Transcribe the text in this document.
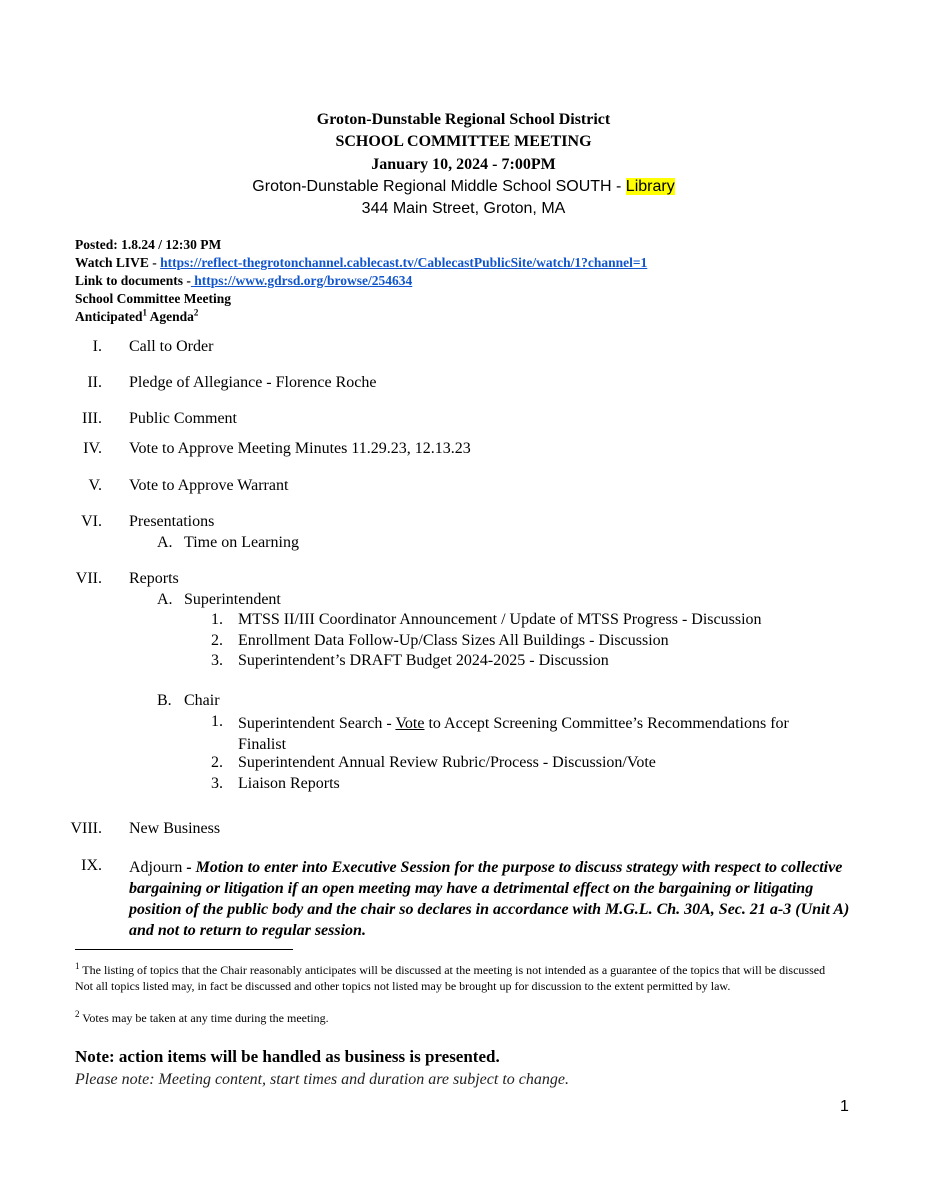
Groton-Dunstable Regional School District
SCHOOL COMMITTEE MEETING
January 10, 2024 - 7:00PM
Groton-Dunstable Regional Middle School SOUTH - Library
344 Main Street, Groton, MA
Posted: 1.8.24 / 12:30 PM
Watch LIVE - https://reflect-thegrotonchannel.cablecast.tv/CablecastPublicSite/watch/1?channel=1
Link to documents - https://www.gdrsd.org/browse/254634
School Committee Meeting
Anticipated$^1$ Agenda$^2$
I. Call to Order
II. Pledge of Allegiance - Florence Roche
III. Public Comment
IV. Vote to Approve Meeting Minutes 11.29.23, 12.13.23
V. Vote to Approve Warrant
VI. Presentations
A. Time on Learning
VII. Reports
A. Superintendent
1. MTSS II/III Coordinator Announcement / Update of MTSS Progress - Discussion
2. Enrollment Data Follow-Up/Class Sizes All Buildings - Discussion
3. Superintendent’s DRAFT Budget 2024-2025 - Discussion
B. Chair
1. Superintendent Search - Vote to Accept Screening Committee’s Recommendations for Finalist
2. Superintendent Annual Review Rubric/Process - Discussion/Vote
3. Liaison Reports
VIII. New Business
IX. Adjourn - Motion to enter into Executive Session for the purpose to discuss strategy with respect to collective bargaining or litigation if an open meeting may have a detrimental effect on the bargaining or litigating position of the public body and the chair so declares in accordance with M.G.L. Ch. 30A, Sec. 21 a-3 (Unit A) and not to return to regular session.
$^1$ The listing of topics that the Chair reasonably anticipates will be discussed at the meeting is not intended as a guarantee of the topics that will be discussed Not all topics listed may, in fact be discussed and other topics not listed may be brought up for discussion to the extent permitted by law.
$^2$ Votes may be taken at any time during the meeting.
Note: action items will be handled as business is presented.
Please note: Meeting content, start times and duration are subject to change.
1
